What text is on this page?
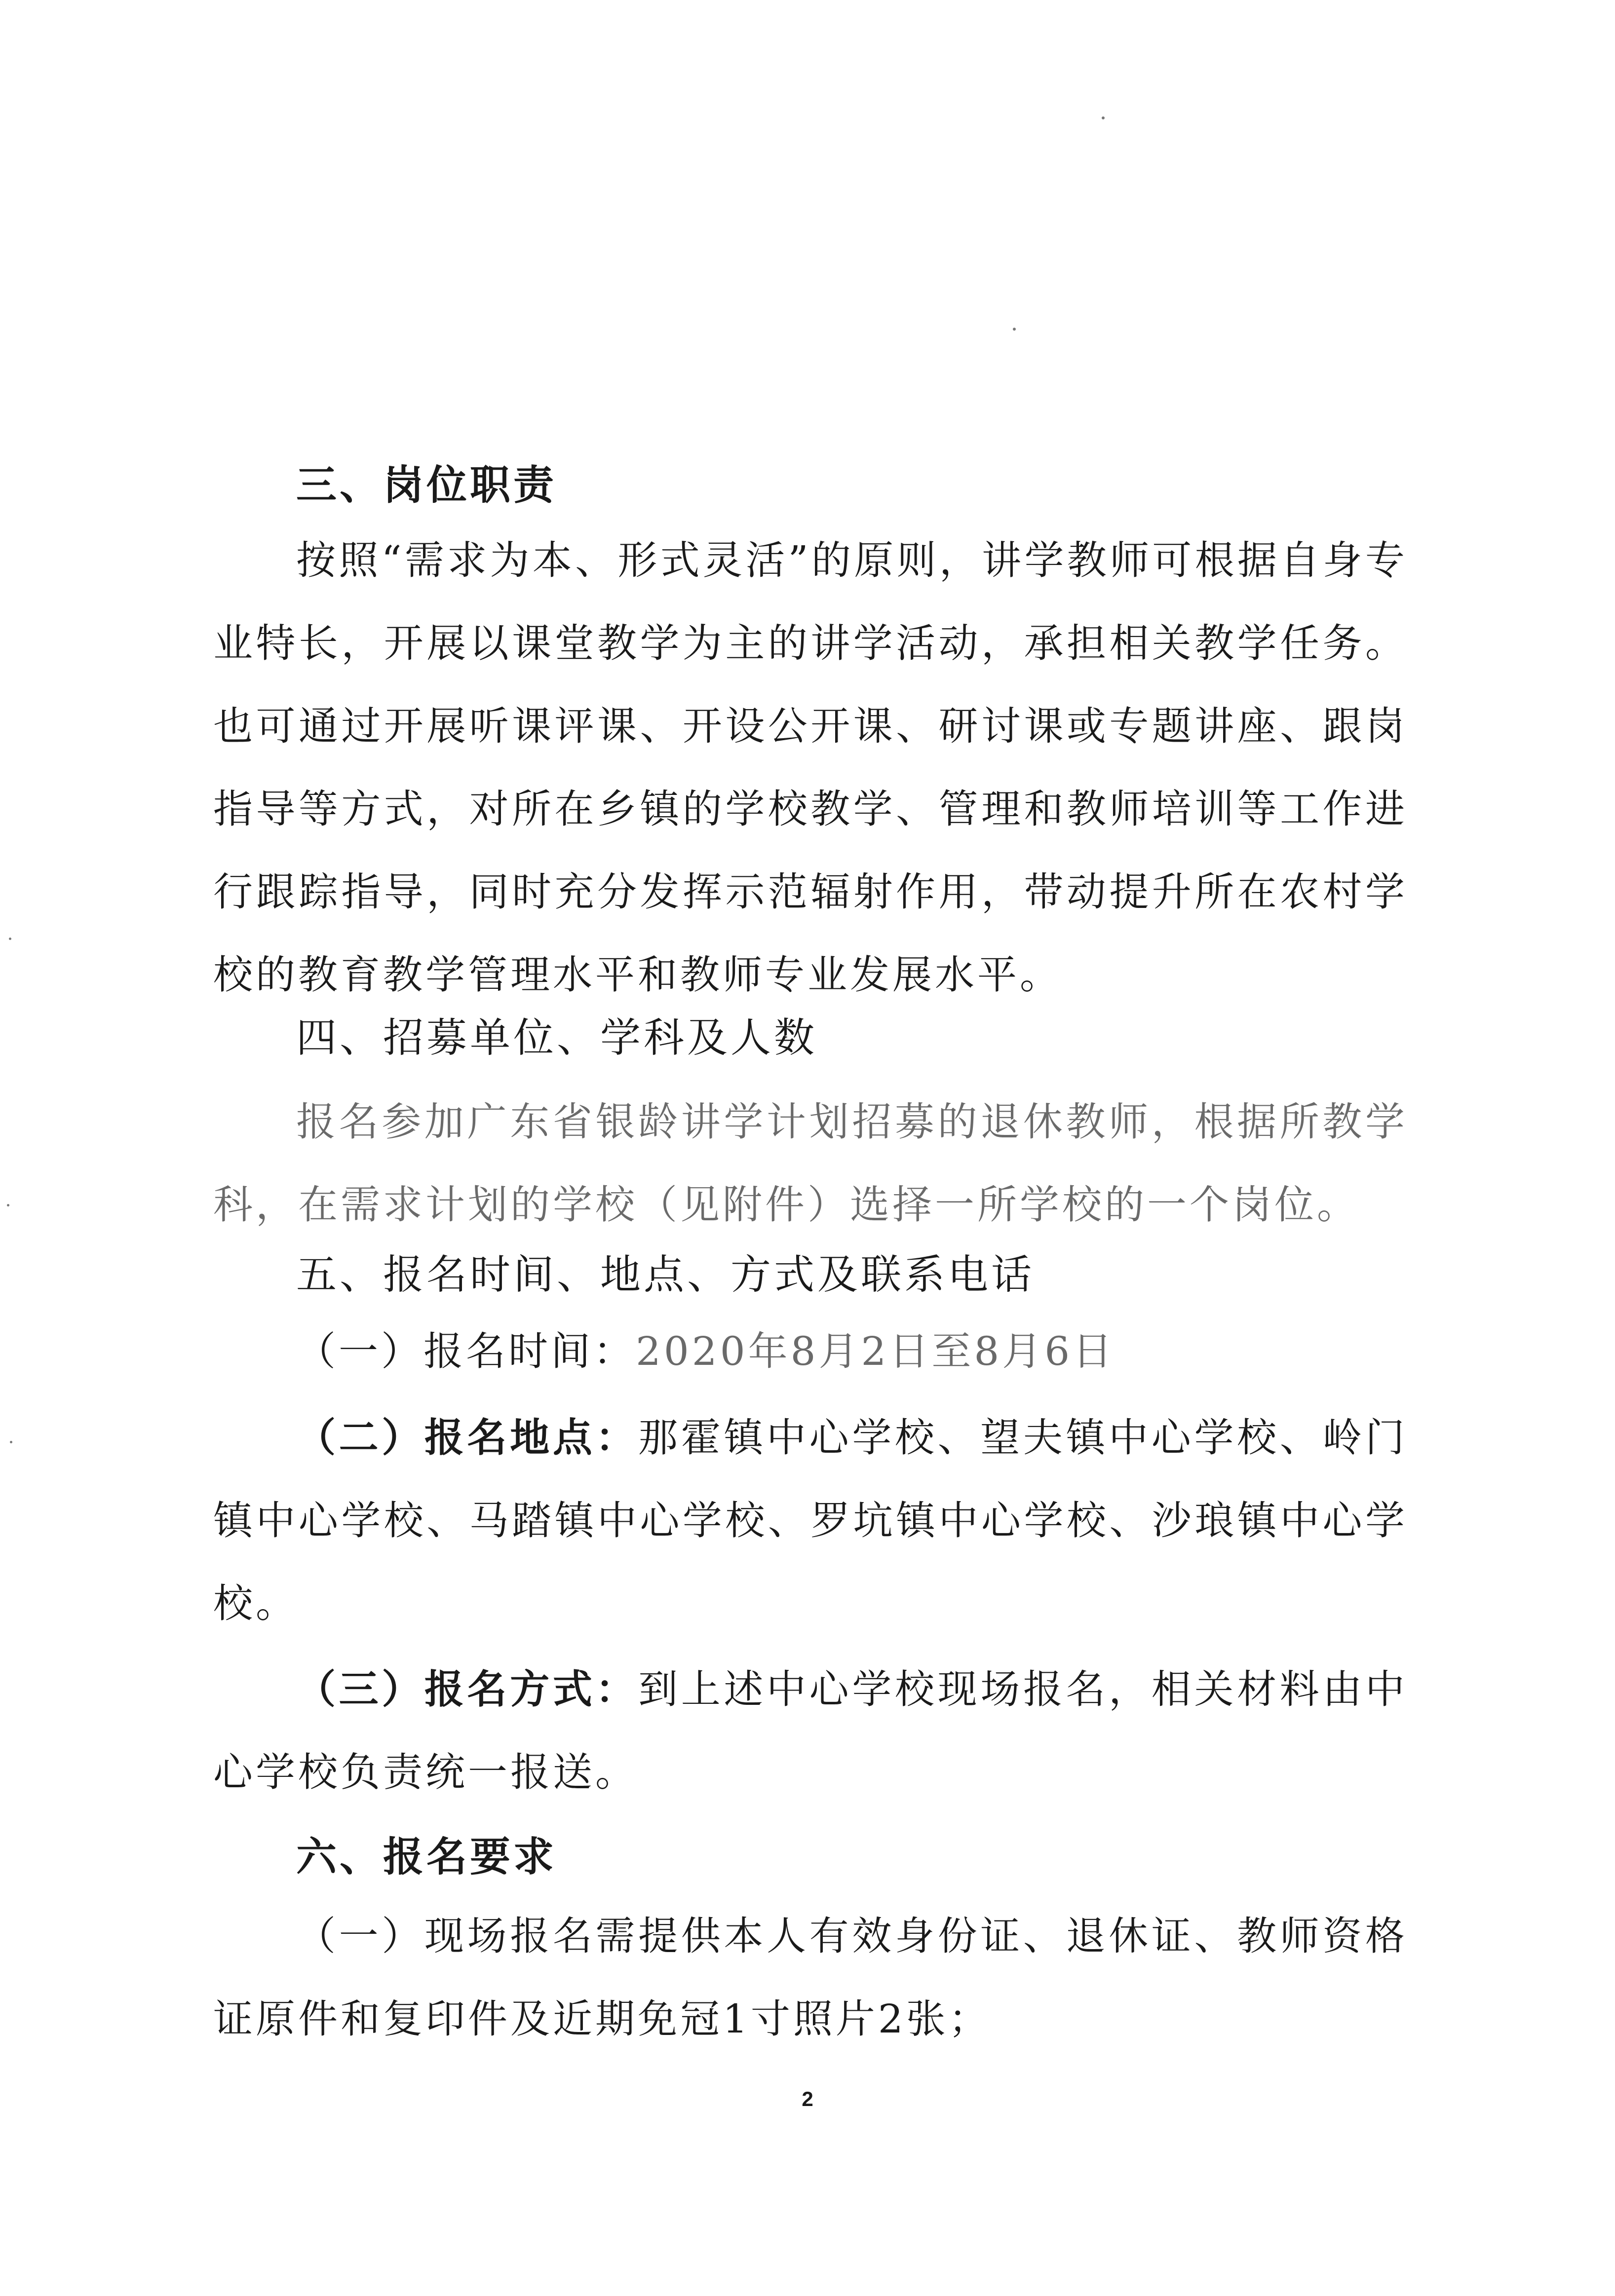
三、岗位职责
按照“需求为本、形式灵活”的原则，讲学教师可根据自身专业特长，开展以课堂教学为主的讲学活动，承担相关教学任务。也可通过开展听课评课、开设公开课、研讨课或专题讲座、跟岗指导等方式，对所在乡镇的学校教学、管理和教师培训等工作进行跟踪指导，同时充分发挥示范辐射作用，带动提升所在农村学校的教育教学管理水平和教师专业发展水平。
四、招募单位、学科及人数
报名参加广东省银龄讲学计划招募的退休教师，根据所教学科，在需求计划的学校（见附件）选择一所学校的一个岗位。
五、报名时间、地点、方式及联系电话
（一）报名时间：2020年8月2日至8月6日
（二）报名地点：那霍镇中心学校、望夫镇中心学校、岭门镇中心学校、马踏镇中心学校、罗坑镇中心学校、沙琅镇中心学校。
（三）报名方式：到上述中心学校现场报名，相关材料由中心学校负责统一报送。
六、报名要求
（一）现场报名需提供本人有效身份证、退休证、教师资格证原件和复印件及近期免冠1寸照片2张；
2
